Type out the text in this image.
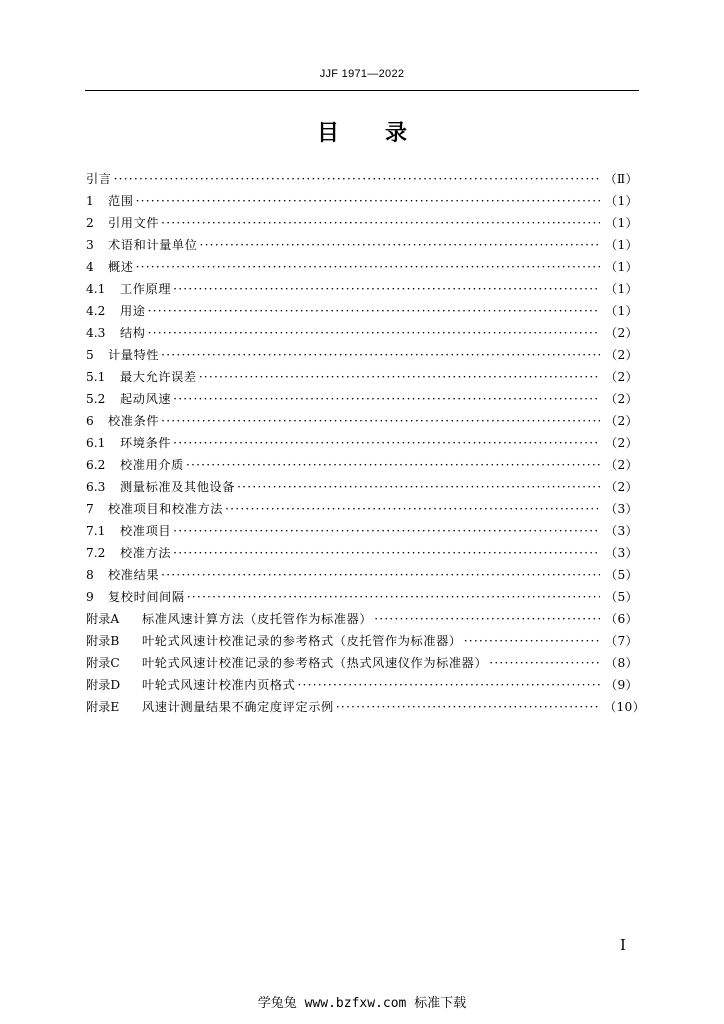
JJF 1971—2022
目 录
引言 ·····	（Ⅱ）
1	范围 ·····	（1）
2	引用文件 ·····	（1）
3	术语和计量单位 ·····	（1）
4	概述 ·····	（1）
4.1	工作原理 ·····	（1）
4.2	用途 ·····	（1）
4.3	结构 ·····	（2）
5	计量特性 ·····	（2）
5.1	最大允许误差 ·····	（2）
5.2	起动风速 ·····	（2）
6	校准条件 ·····	（2）
6.1	环境条件 ·····	（2）
6.2	校准用介质 ·····	（2）
6.3	测量标准及其他设备 ·····	（2）
7	校准项目和校准方法 ·····	（3）
7.1	校准项目 ·····	（3）
7.2	校准方法 ·····	（3）
8	校准结果 ·····	（5）
9	复校时间间隔 ·····	（5）
附录A	标准风速计算方法（皮托管作为标准器） ·····	（6）
附录B	叶轮式风速计校准记录的参考格式（皮托管作为标准器） ·····	（7）
附录C	叶轮式风速计校准记录的参考格式（热式风速仪作为标准器） ·····	（8）
附录D	叶轮式风速计校准内页格式 ·····	（9）
附录E	风速计测量结果不确定度评定示例 ·····	（10）
Ⅰ
学兔兔 www.bzfxw.com 标准下载
